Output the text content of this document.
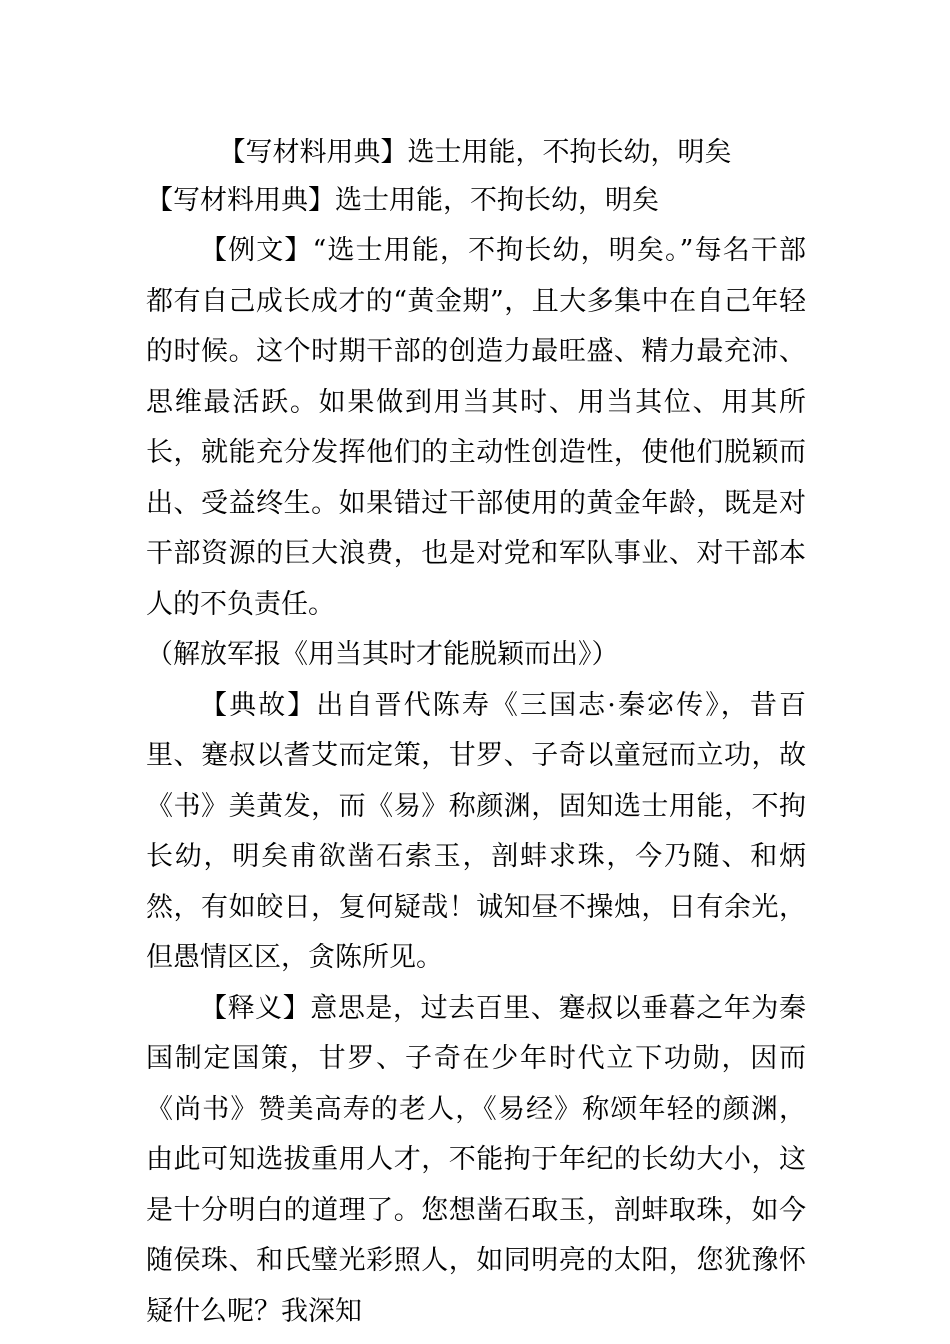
【写材料用典】选士用能，不拘长幼，明矣
【写材料用典】选士用能，不拘长幼，明矣

【例文】“选士用能，不拘长幼，明矣。”每名干部都有自己成长成才的“黄金期”，且大多集中在自己年轻的时候。这个时期干部的创造力最旺盛、精力最充沛、思维最活跃。如果做到用当其时、用当其位、用其所长，就能充分发挥他们的主动性创造性，使他们脱颖而出、受益终生。如果错过干部使用的黄金年龄，既是对干部资源的巨大浪费，也是对党和军队事业、对干部本人的不负责任。

（解放军报《用当其时才能脱颖而出》）

【典故】出自晋代陈寿《三国志·秦宓传》，昔百里、蹇叔以耆艾而定策，甘罗、子奇以童冠而立功，故《书》美黄发，而《易》称颜渊，固知选士用能，不拘长幼，明矣甫欲凿石索玉，剖蚌求珠，今乃随、和炳然，有如皎日，复何疑哉！诚知昼不操烛，日有余光，但愚情区区，贪陈所见。

【释义】意思是，过去百里、蹇叔以垂暮之年为秦国制定国策，甘罗、子奇在少年时代立下功勋，因而《尚书》赞美高寿的老人，《易经》称颂年轻的颜渊，由此可知选拔重用人才，不能拘于年纪的长幼大小，这是十分明白的道理了。您想凿石取玉，剖蚌取珠，如今随侯珠、和氏璧光彩照人，如同明亮的太阳，您犹豫怀疑什么呢？我深知
